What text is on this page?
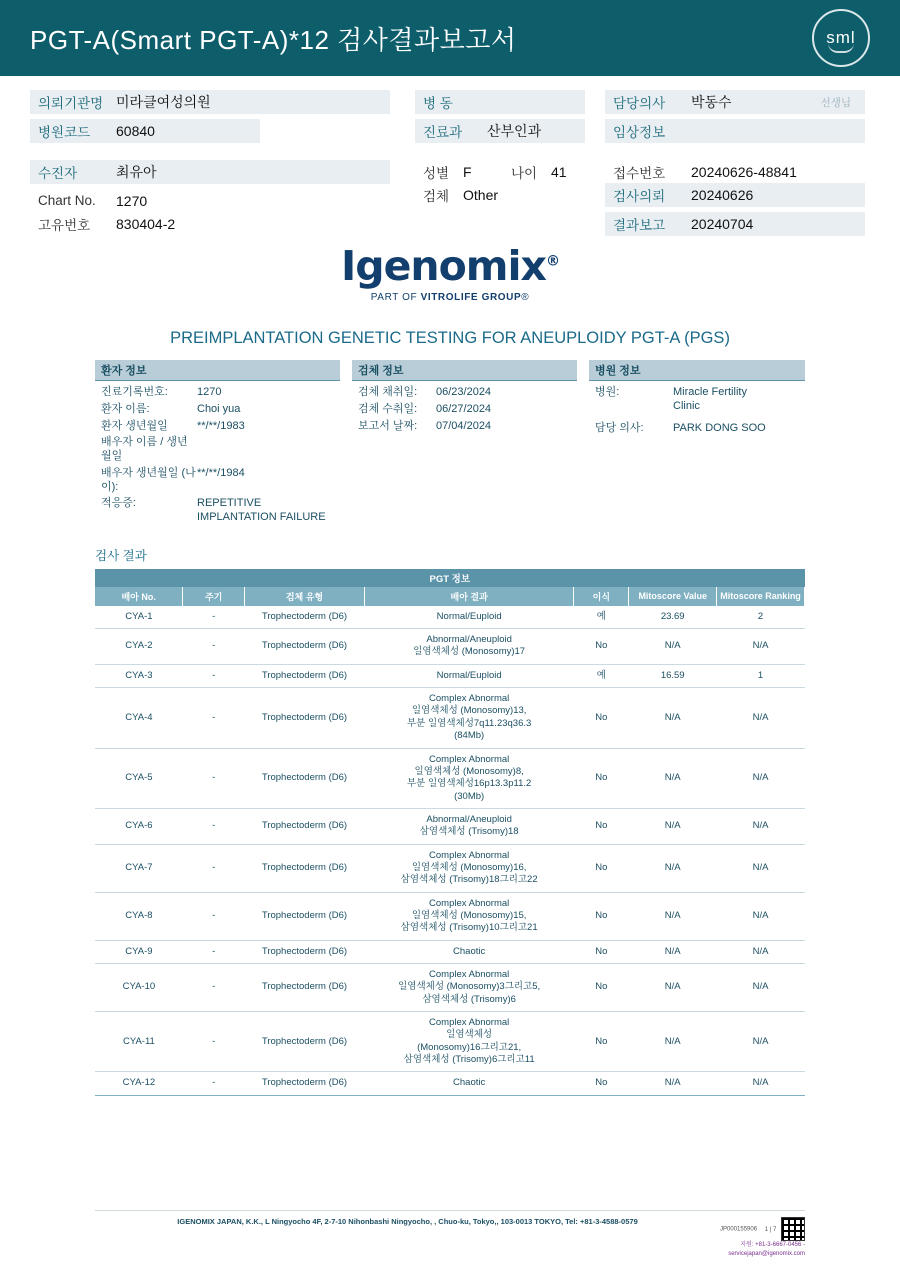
PGT-A(Smart PGT-A)*12 검사결과보고서	sml
의뢰기관명 미라클여성의원
병원코드	60840
수진자	최유아
Chart No.	1270
고유번호	830404-2
병 동
진료과	산부인과
성별 F	나이 41
검체 Other
담당의사	박동수	선생님
임상정보
접수번호	20240626-48841
검사의뢰	20240626
결과보고	20240704
Igenomix®
PART OF VITROLIFE GROUP®
PREIMPLANTATION GENETIC TESTING FOR ANEUPLOIDY PGT-A (PGS)
환자 정보
진료기록번호:	1270
환자 이름:	Choi yua
환자 생년월일	**/**/1983
배우자 이름 / 생년월일
배우자 생년월일 (나이):
**/**/1984
적응증:	REPETITIVE IMPLANTATION FAILURE
검체 정보
검체 채취일:	06/23/2024
검체 수취일:	06/27/2024
보고서 날짜:	07/04/2024
병원 정보
병원:	Miracle Fertility Clinic
담당 의사:	PARK DONG SOO
검사 결과
PGT 정보						
배아 No.	주기	검체 유형	배아 결과	이식	Mitoscore Value	Mitoscore Ranking
CYA-1	-	Trophectoderm (D6)	Normal/Euploid	예	23.69	2
CYA-2	-	Trophectoderm (D6)	Abnormal/Aneuploid
일염색체성 (Monosomy)17	No	N/A	N/A
CYA-3	-	Trophectoderm (D6)	Normal/Euploid	예	16.59	1
CYA-4	-	Trophectoderm (D6)	Complex Abnormal
일염색체성 (Monosomy)13,
부분 일염색체성7q11.23q36.3
(84Mb)	No	N/A	N/A
CYA-5	-	Trophectoderm (D6)	Complex Abnormal
일염색체성 (Monosomy)8,
부분 일염색체성16p13.3p11.2
(30Mb)	No	N/A	N/A
CYA-6	-	Trophectoderm (D6)	Abnormal/Aneuploid
삼염색체성 (Trisomy)18	No	N/A	N/A
CYA-7	-	Trophectoderm (D6)	Complex Abnormal
일염색체성 (Monosomy)16,
삼염색체성 (Trisomy)18그리고22	No	N/A	N/A
CYA-8	-	Trophectoderm (D6)	Complex Abnormal
일염색체성 (Monosomy)15,
삼염색체성 (Trisomy)10그리고21	No	N/A	N/A
CYA-9	-	Trophectoderm (D6)	Chaotic	No	N/A	N/A
CYA-10	-	Trophectoderm (D6)	Complex Abnormal
일염색체성 (Monosomy)3그리고5,
삼염색체성 (Trisomy)6	No	N/A	N/A
CYA-11	-	Trophectoderm (D6)	Complex Abnormal
일염색체성
(Monosomy)16그리고21,
삼염색체성 (Trisomy)6그리고11	No	N/A	N/A
CYA-12	-	Trophectoderm (D6)	Chaotic	No	N/A	N/A
IGENOMIX JAPAN, K.K., L Ningyocho 4F, 2-7-10 Nihonbashi Ningyocho, , Chuo-ku, Tokyo,, 103-0013 TOKYO, Tel: +81-3-4588-0579
JP000155906 1 | 7
지원: +81-3-6667-0456 -
servicejapan@igenomix.com
